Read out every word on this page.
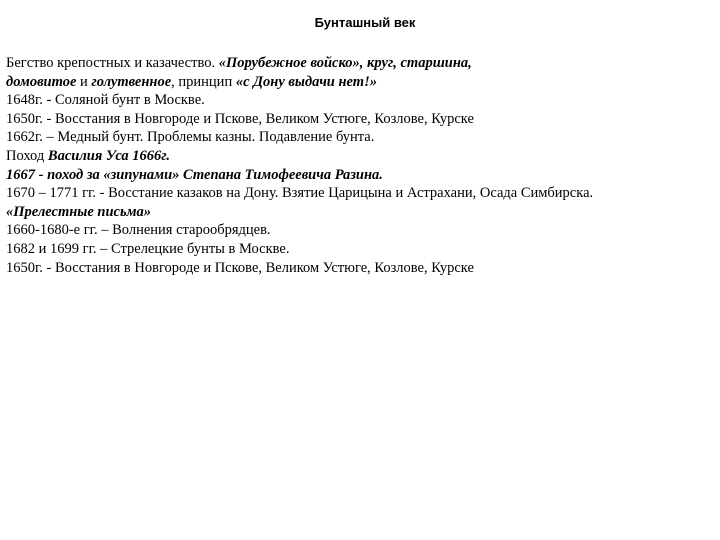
Бунташный век
Бегство крепостных и казачество. «Порубежное войско», круг, старшина,
домовитое и голутвенное, принцип «с Дону выдачи нет!»
1648г. - Соляной бунт в Москве.
1650г. - Восстания в Новгороде и Пскове, Великом Устюге, Козлове, Курске
1662г. – Медный бунт. Проблемы казны. Подавление бунта.
Поход Василия Уса 1666г.
1667 - поход за «зипунами» Степана Тимофеевича Разина.
1670 – 1771 гг. - Восстание казаков на Дону. Взятие Царицына и Астрахани, Осада Симбирска.
«Прелестные письма»
1660-1680-е гг. – Волнения старообрядцев.
1682 и 1699 гг. – Стрелецкие бунты в Москве.
1650г. - Восстания в Новгороде и Пскове, Великом Устюге, Козлове, Курске
